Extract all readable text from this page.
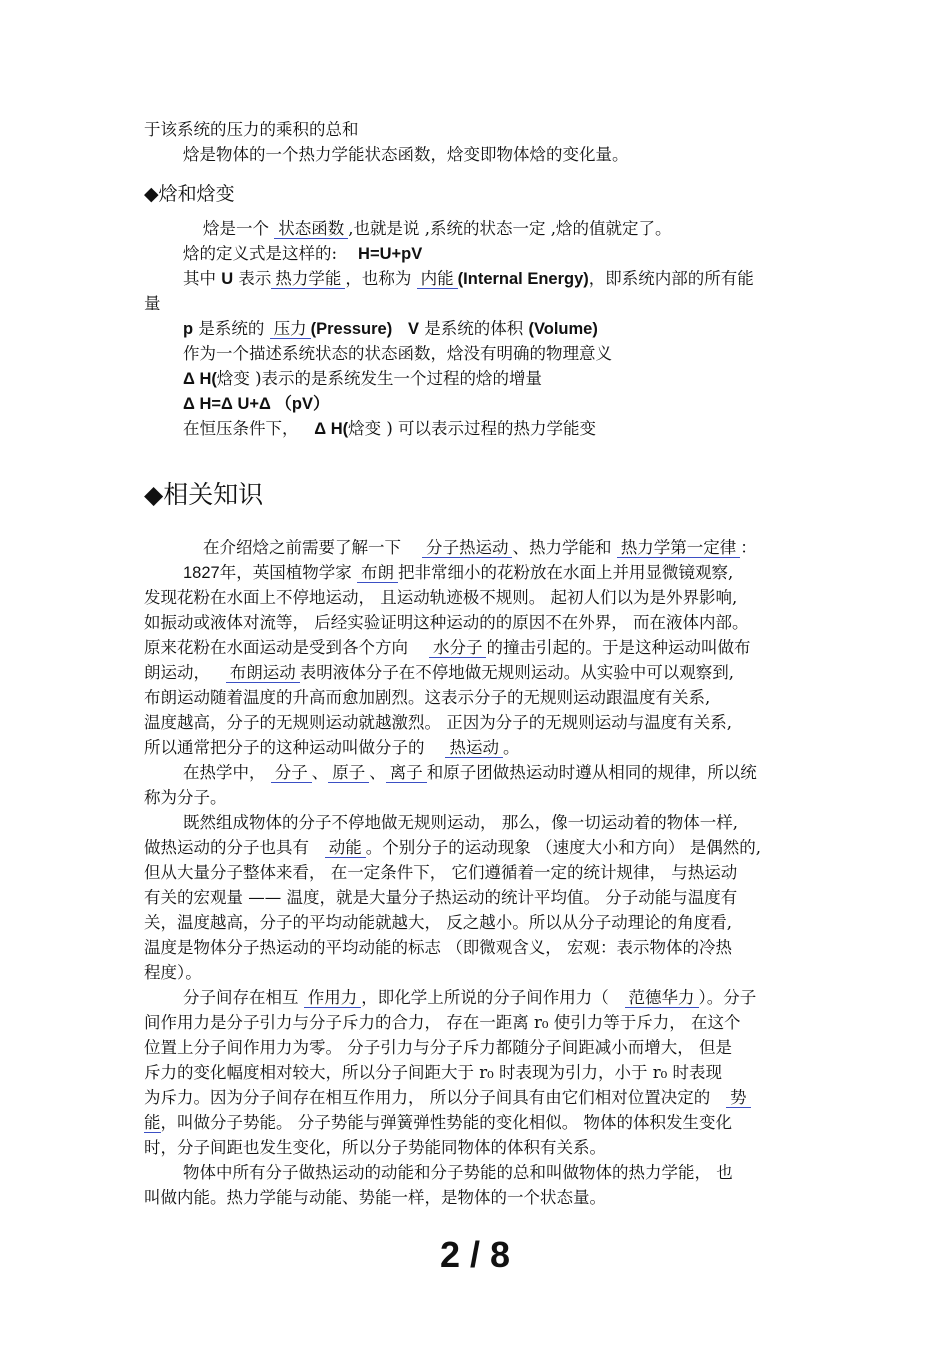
于该系统的压力的乘积的总和
焓是物体的一个热力学能状态函数，焓变即物体焓的变化量。
◆焓和焓变
焓是一个 状态函数 ,也就是说 ,系统的状态一定 ,焓的值就定了。
焓的定义式是这样的: H=U+pV
其中 U 表示 热力学能 ，也称为 内能 (Internal Energy)，即系统内部的所有能
量
p 是系统的 压力 (Pressure) V 是系统的体积 (Volume)
作为一个描述系统状态的状态函数，焓没有明确的物理意义
Δ H(焓变 )表示的是系统发生一个过程的焓的增量
Δ H=Δ U+Δ （pV）
在恒压条件下， Δ H(焓变 ) 可以表示过程的热力学能变
◆相关知识
在介绍焓之前需要了解一下 分子热运动 、热力学能和 热力学第一定律 ：
1827年，英国植物学家 布朗 把非常细小的花粉放在水面上并用显微镜观察,
发现花粉在水面上不停地运动， 且运动轨迹极不规则。 起初人们以为是外界影响,
如振动或液体对流等， 后经实验证明这种运动的的原因不在外界， 而在液体内部。
原来花粉在水面运动是受到各个方向 水分子 的撞击引起的。于是这种运动叫做布
朗运动， 布朗运动 表明液体分子在不停地做无规则运动。从实验中可以观察到,
布朗运动随着温度的升高而愈加剧烈。这表示分子的无规则运动跟温度有关系,
温度越高，分子的无规则运动就越激烈。 正因为分子的无规则运动与温度有关系,
所以通常把分子的这种运动叫做分子的 热运动 。
在热学中， 分子 、 原子 、 离子 和原子团做热运动时遵从相同的规律，所以统
称为分子。
既然组成物体的分子不停地做无规则运动， 那么，像一切运动着的物体一样,
做热运动的分子也具有 动能 。个别分子的运动现象 （速度大小和方向） 是偶然的,
但从大量分子整体来看， 在一定条件下， 它们遵循着一定的统计规律， 与热运动
有关的宏观量 —— 温度，就是大量分子热运动的统计平均值。 分子动能与温度有
关，温度越高，分子的平均动能就越大， 反之越小。所以从分子动理论的角度看,
温度是物体分子热运动的平均动能的标志 （即微观含义， 宏观：表示物体的冷热
程度）。
分子间存在相互 作用力 ，即化学上所说的分子间作用力（ 范德华力 ）。分子
间作用力是分子引力与分子斥力的合力， 存在一距离 r₀ 使引力等于斥力， 在这个
位置上分子间作用力为零。 分子引力与分子斥力都随分子间距减小而增大， 但是
斥力的变化幅度相对较大，所以分子间距大于 r₀ 时表现为引力，小于 r₀ 时表现
为斥力。因为分子间存在相互作用力， 所以分子间具有由它们相对位置决定的 势
能，叫做分子势能。 分子势能与弹簧弹性势能的变化相似。 物体的体积发生变化
时，分子间距也发生变化，所以分子势能同物体的体积有关系。
物体中所有分子做热运动的动能和分子势能的总和叫做物体的热力学能， 也
叫做内能。热力学能与动能、势能一样，是物体的一个状态量。
2 / 8
